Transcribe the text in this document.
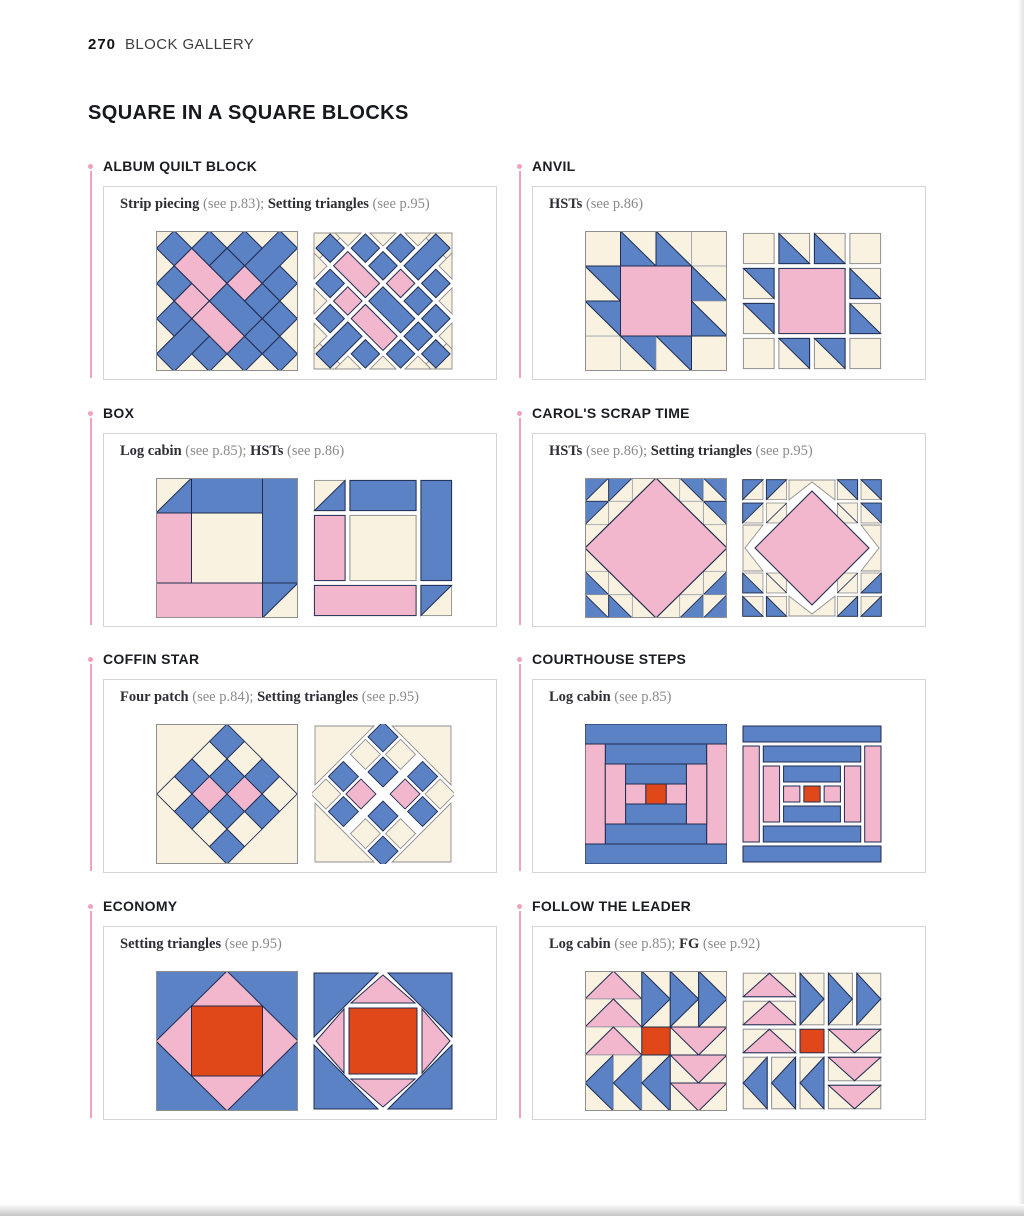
270 BLOCK GALLERY
SQUARE IN A SQUARE BLOCKS
ALBUM QUILT BLOCK
Strip piecing (see p.83); Setting triangles (see p.95)
ANVIL
HSTs (see p.86)
BOX
Log cabin (see p.85); HSTs (see p.86)
CAROL'S SCRAP TIME
HSTs (see p.86); Setting triangles (see p.95)
COFFIN STAR
Four patch (see p.84); Setting triangles (see p.95)
COURTHOUSE STEPS
Log cabin (see p.85)
ECONOMY
Setting triangles (see p.95)
FOLLOW THE LEADER
Log cabin (see p.85); FG (see p.92)
